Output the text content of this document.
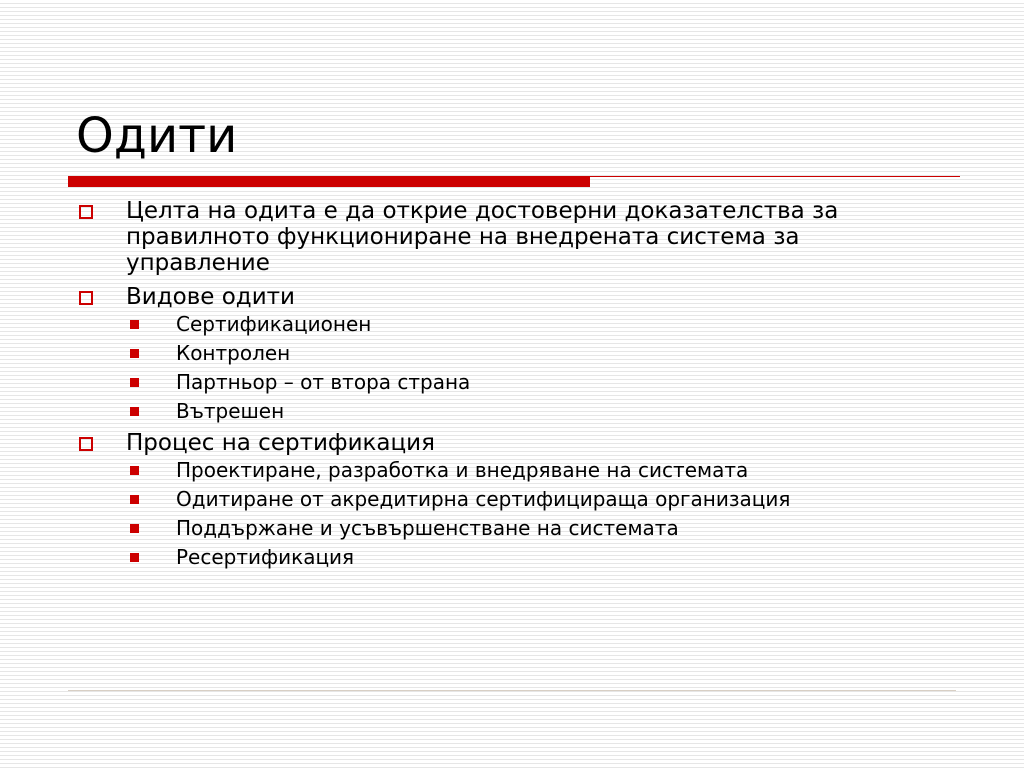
Одити
Целта на одита е да открие достоверни доказателства за
правилното функциониране на внедрената система за
управление
Видове одити
Сертификационен
Контролен
Партньор – от втора страна
Вътрешен
Процес на сертификация
Проектиране, разработка и внедряване на системата
Одитиране от акредитирна сертифицираща организация
Поддържане и усъвършенстване на системата
Ресертификация
